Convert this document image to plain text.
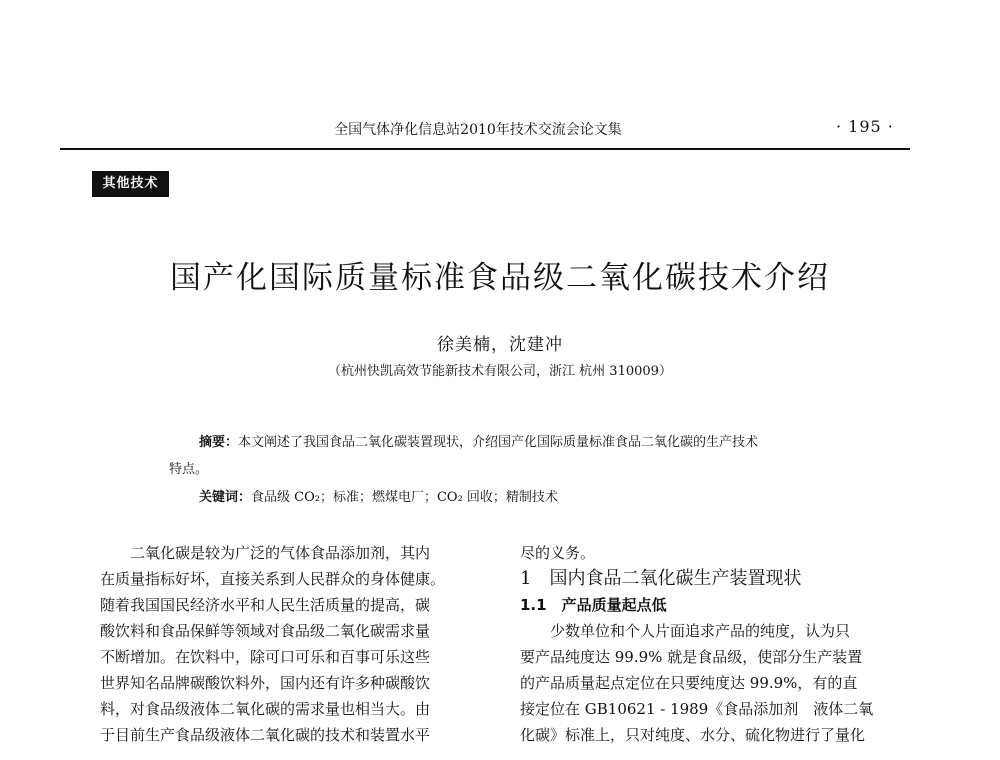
全国气体净化信息站2010年技术交流会论文集	· 195 ·
其他技术
国产化国际质量标准食品级二氧化碳技术介绍
徐美楠，沈建冲
（杭州快凯高效节能新技术有限公司，浙江 杭州 310009）
摘要：本文阐述了我国食品二氧化碳装置现状，介绍国产化国际质量标准食品二氧化碳的生产技术
特点。
关键词：食品级 CO₂；标准；燃煤电厂；CO₂ 回收；精制技术
　　二氧化碳是较为广泛的气体食品添加剂，其内
在质量指标好坏，直接关系到人民群众的身体健康。
随着我国国民经济水平和人民生活质量的提高，碳
酸饮料和食品保鲜等领域对食品级二氧化碳需求量
不断增加。在饮料中，除可口可乐和百事可乐这些
世界知名品牌碳酸饮料外，国内还有许多种碳酸饮
料，对食品级液体二氧化碳的需求量也相当大。由
于目前生产食品级液体二氧化碳的技术和装置水平
尽的义务。
1　国内食品二氧化碳生产装置现状
1.1　产品质量起点低
　　少数单位和个人片面追求产品的纯度，认为只
要产品纯度达 99.9% 就是食品级，使部分生产装置
的产品质量起点定位在只要纯度达 99.9%，有的直
接定位在 GB10621 - 1989《食品添加剂　液体二氧
化碳》标准上，只对纯度、水分、硫化物进行了量化
